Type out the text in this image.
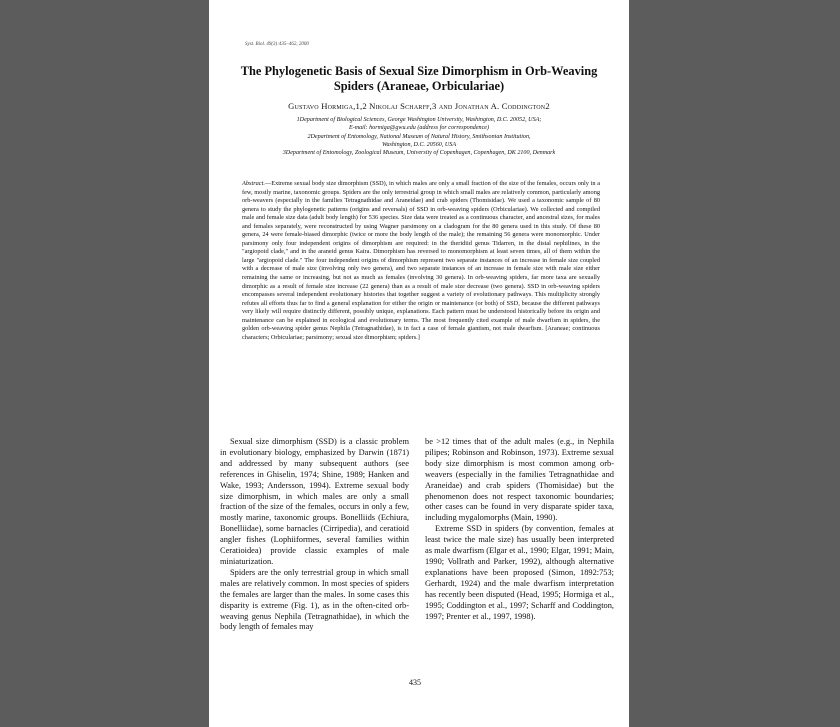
Syst. Biol. 49(3):435–462, 2000
The Phylogenetic Basis of Sexual Size Dimorphism in Orb-Weaving Spiders (Araneae, Orbiculariae)
Gustavo Hormiga,1,2 Nikolaj Scharff,3 and Jonathan A. Coddington2

1Department of Biological Sciences, George Washington University, Washington, D.C. 20052, USA;

E-mail: hormiga@gwu.edu (address for correspondence)

2Department of Entomology, National Museum of Natural History, Smithsonian Institution,

Washington, D.C. 20560, USA

3Department of Entomology, Zoological Museum, University of Copenhagen, Copenhagen, DK 2100, Denmark

Abstract.—Extreme sexual body size dimorphism (SSD), in which males are only a small fraction of the size of the females, occurs only in a few, mostly marine, taxonomic groups. Spiders are the only terrestrial group in which small males are relatively common, particularly among orb-weavers (especially in the families Tetragnathidae and Araneidae) and crab spiders (Thomisidae). We used a taxonomic sample of 80 genera to study the phylogenetic patterns (origins and reversals) of SSD in orb-weaving spiders (Orbiculariae). We collected and compiled male and female size data (adult body length) for 536 species. Size data were treated as a continuous character, and ancestral sizes, for males and females separately, were reconstructed by using Wagner parsimony on a cladogram for the 80 genera used in this study. Of these 80 genera, 24 were female-biased dimorphic (twice or more the body length of the male); the remaining 56 genera were monomorphic. Under parsimony only four independent origins of dimorphism are required: in the theridiid genus Tidarren, in the distal nephilines, in the "argiopoid clade," and in the araneid genus Kaira. Dimorphism has reversed to monomorphism at least seven times, all of them within the large "argiopoid clade." The four independent origins of dimorphism represent two separate instances of an increase in female size coupled with a decrease of male size (involving only two genera), and two separate instances of an increase in female size with male size either remaining the same or increasing, but not as much as females (involving 30 genera). In orb-weaving spiders, far more taxa are sexually dimorphic as a result of female size increase (22 genera) than as a result of male size decrease (two genera). SSD in orb-weaving spiders encompasses several independent evolutionary histories that together suggest a variety of evolutionary pathways. This multiplicity strongly refutes all efforts thus far to find a general explanation for either the origin or maintenance (or both) of SSD, because the different pathways very likely will require distinctly different, possibly unique, explanations. Each pattern must be understood historically before its origin and maintenance can be explained in ecological and evolutionary terms. The most frequently cited example of male dwarfism in spiders, the golden orb-weaving spider genus Nephila (Tetragnathidae), is in fact a case of female giantism, not male dwarfism. [Araneae; continuous characters; Orbiculariae; parsimony; sexual size dimorphism; spiders.]

Sexual size dimorphism (SSD) is a classic problem in evolutionary biology, emphasized by Darwin (1871) and addressed by many subsequent authors (see references in Ghiselin, 1974; Shine, 1989; Hanken and Wake, 1993; Andersson, 1994). Extreme sexual body size dimorphism, in which males are only a small fraction of the size of the females, occurs in only a few, mostly marine, taxonomic groups. Bonelliids (Echiura, Bonelliidae), some barnacles (Cirripedia), and ceratioid angler fishes (Lophiiformes, several families within Ceratioidea) provide classic examples of male miniaturization.

Spiders are the only terrestrial group in which small males are relatively common. In most species of spiders the females are larger than the males. In some cases this disparity is extreme (Fig. 1), as in the often-cited orb-weaving genus Nephila (Tetragnathidae), in which the body length of females may

be >12 times that of the adult males (e.g., in Nephila pilipes; Robinson and Robinson, 1973). Extreme sexual body size dimorphism is most common among orb-weavers (especially in the families Tetragnathidae and Araneidae) and crab spiders (Thomisidae) but the phenomenon does not respect taxonomic boundaries; other cases can be found in very disparate spider taxa, including mygalomorphs (Main, 1990).

Extreme SSD in spiders (by convention, females at least twice the male size) has usually been interpreted as male dwarfism (Elgar et al., 1990; Elgar, 1991; Main, 1990; Vollrath and Parker, 1992), although alternative explanations have been proposed (Simon, 1892:753; Gerhardt, 1924) and the male dwarfism interpretation has recently been disputed (Head, 1995; Hormiga et al., 1995; Coddington et al., 1997; Scharff and Coddington, 1997; Prenter et al., 1997, 1998).

435
